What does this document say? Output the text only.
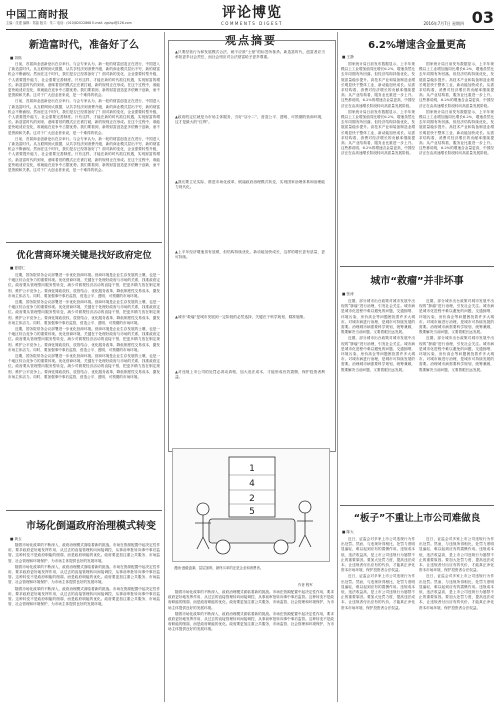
中国工商时报
主编：沈建 编辑：郑晶 版式：朱二 电话：(010)82022868 E-mail: zgshpl@126.com
评论博览
COMMENTS DIGEST	2016年7月7日 星期四 03
新造富时代，准备好了么
■ 刘烁

日前，首届商业创新论坛在京举行。与会专家认为，新一轮的财富创造正在进行，中国进入了新造富时代。从互联网到大数据，从共享经济到消费升级，新的商业模式层出不穷，新的财富机会不断涌现。然而在这个时代，我们是否已经准备好了？面对新的变化，企业需要转型升级，个人需要提升能力，社会需要完善制度。只有这样，才能在新的时代抓住机遇，实现财富的增长。新造富时代的到来，意味着旧的模式正在被打破，新的规则正在形成。在这个过程中，谁能更快地适应变化，谁就能在竞争中占据优势。我们要看到，新的财富创造更多依赖于创新，而不是资源和关系。这对于广大创业者来说，是一个难得的机会。

日前，首届商业创新论坛在京举行。与会专家认为，新一轮的财富创造正在进行，中国进入了新造富时代。从互联网到大数据，从共享经济到消费升级，新的商业模式层出不穷，新的财富机会不断涌现。然而在这个时代，我们是否已经准备好了？面对新的变化，企业需要转型升级，个人需要提升能力，社会需要完善制度。只有这样，才能在新的时代抓住机遇，实现财富的增长。新造富时代的到来，意味着旧的模式正在被打破，新的规则正在形成。在这个过程中，谁能更快地适应变化，谁就能在竞争中占据优势。我们要看到，新的财富创造更多依赖于创新，而不是资源和关系。这对于广大创业者来说，是一个难得的机会。

日前，首届商业创新论坛在京举行。与会专家认为，新一轮的财富创造正在进行，中国进入了新造富时代。从互联网到大数据，从共享经济到消费升级，新的商业模式层出不穷，新的财富机会不断涌现。然而在这个时代，我们是否已经准备好了？面对新的变化，企业需要转型升级，个人需要提升能力，社会需要完善制度。只有这样，才能在新的时代抓住机遇，实现财富的增长。新造富时代的到来，意味着旧的模式正在被打破，新的规则正在形成。在这个过程中，谁能更快地适应变化，谁就能在竞争中占据优势。我们要看到，新的财富创造更多依赖于创新，而不是资源和关系。这对于广大创业者来说，是一个难得的机会。

优化营商环境关键是找好政府定位
■ 夏德仁

近期，国务院常务会议部署进一步优化营商环境。营商环境是企业生存发展的土壤，也是一个地区综合竞争力的重要体现。优化营商环境，关键在于处理好政府与市场的关系，找准政府定位。政府要从管理型向服务型转变，减少对微观经济活动的直接干预，把更多精力放在制定规则、维护公平竞争上。要深化简政放权、放管结合、优化服务改革，降低制度性交易成本，激发市场主体活力。同时，要加强事中事后监管，营造公平、透明、可预期的市场环境。

近期，国务院常务会议部署进一步优化营商环境。营商环境是企业生存发展的土壤，也是一个地区综合竞争力的重要体现。优化营商环境，关键在于处理好政府与市场的关系，找准政府定位。政府要从管理型向服务型转变，减少对微观经济活动的直接干预，把更多精力放在制定规则、维护公平竞争上。要深化简政放权、放管结合、优化服务改革，降低制度性交易成本，激发市场主体活力。同时，要加强事中事后监管，营造公平、透明、可预期的市场环境。

近期，国务院常务会议部署进一步优化营商环境。营商环境是企业生存发展的土壤，也是一个地区综合竞争力的重要体现。优化营商环境，关键在于处理好政府与市场的关系，找准政府定位。政府要从管理型向服务型转变，减少对微观经济活动的直接干预，把更多精力放在制定规则、维护公平竞争上。要深化简政放权、放管结合、优化服务改革，降低制度性交易成本，激发市场主体活力。同时，要加强事中事后监管，营造公平、透明、可预期的市场环境。

近期，国务院常务会议部署进一步优化营商环境。营商环境是企业生存发展的土壤，也是一个地区综合竞争力的重要体现。优化营商环境，关键在于处理好政府与市场的关系，找准政府定位。政府要从管理型向服务型转变，减少对微观经济活动的直接干预，把更多精力放在制定规则、维护公平竞争上。要深化简政放权、放管结合、优化服务改革，降低制度性交易成本，激发市场主体活力。同时，要加强事中事后监管，营造公平、透明、可预期的市场环境。

市场化倒逼政府治理模式转变
■ 黄玉

随着市场化改革的不断深入，政府治理模式面临着新的挑战。市场在资源配置中起决定性作用，要求政府更好地发挥作用，从过去的直接管理转向间接调控，从事前审批转向事中事后监管。这种转变不是政府职能的削弱，而是政府职能的优化。政府要更加注重公共服务、市场监管、社会管理和环境保护，为市场主体提供良好的发展环境。

随着市场化改革的不断深入，政府治理模式面临着新的挑战。市场在资源配置中起决定性作用，要求政府更好地发挥作用，从过去的直接管理转向间接调控，从事前审批转向事中事后监管。这种转变不是政府职能的削弱，而是政府职能的优化。政府要更加注重公共服务、市场监管、社会管理和环境保护，为市场主体提供良好的发展环境。

随着市场化改革的不断深入，政府治理模式面临着新的挑战。市场在资源配置中起决定性作用，要求政府更好地发挥作用，从过去的直接管理转向间接调控，从事前审批转向事中事后监管。这种转变不是政府职能的削弱，而是政府职能的优化。政府要更加注重公共服务、市场监管、社会管理和环境保护，为市场主体提供良好的发展环境。

随着市场化改革的不断深入，政府治理模式面临着新的挑战。市场在资源配置中起决定性作用，要求政府更好地发挥作用，从过去的直接管理转向间接调控，从事前审批转向事中事后监管。这种转变不是政府职能的削弱，而是政府职能的优化。政府要更加注重公共服务、市场监管、社会管理和环境保护，为市场主体提供良好的发展环境。

随着市场化改革的不断深入，政府治理模式面临着新的挑战。市场在资源配置中起决定性作用，要求政府更好地发挥作用，从过去的直接管理转向间接调控，从事前审批转向事中事后监管。这种转变不是政府职能的削弱，而是政府职能的优化。政府要更加注重公共服务、市场监管、社会管理和环境保护，为市场主体提供良好的发展环境。

观点摘要
▲只要经营行为和发展模式合法，就不应被“土豪”的标签所抹杀。新造富时代，创富者应当承担更多社会责任，而社会则应对合法财富给予更多尊重。
▲政府的定位就是为市场主体服务，当好“店小二”，营造公平、透明、可预期的营商环境，这才是最大的“红利”。
▲我们要立足实际，推进市场化改革，倒逼政府治理模式转变，实现国家治理体系和治理能力现代化。
▲上半年经济增速虽有放缓，但结构持续优化，新动能加快成长，这样的增长更有质量、更可持续。
▲城市“救瘤”是城市发展到一定阶段的必然选择，关键在于科学规划、精准施策。
▲对违规上市公司的处罚必须动真格，加大违法成本，才能形成有效震慑，保护投资者利益。
1
4
2
5
漫画·逐级盘剥，层层加码，最终买单的还是企业和消费者。
作者 程军
6.2%增速含金量更高
■ 王静

国家统计局日前发布数据显示，上半年规模以上工业增加值同比增长6.2%，增速虽然比去年同期有所回落，但经济结构持续优化，发展质量稳步提升。高技术产业和装备制造业增长明显快于整体工业，新动能加快成长。从需求结构看，消费对经济增长的贡献率继续提高；从产业结构看，服务业比重进一步上升。这些都说明，6.2%的增速含金量更高，中国经济正在由高速增长阶段转向高质量发展阶段。

国家统计局日前发布数据显示，上半年规模以上工业增加值同比增长6.2%，增速虽然比去年同期有所回落，但经济结构持续优化，发展质量稳步提升。高技术产业和装备制造业增长明显快于整体工业，新动能加快成长。从需求结构看，消费对经济增长的贡献率继续提高；从产业结构看，服务业比重进一步上升。这些都说明，6.2%的增速含金量更高，中国经济正在由高速增长阶段转向高质量发展阶段。

国家统计局日前发布数据显示，上半年规模以上工业增加值同比增长6.2%，增速虽然比去年同期有所回落，但经济结构持续优化，发展质量稳步提升。高技术产业和装备制造业增长明显快于整体工业，新动能加快成长。从需求结构看，消费对经济增长的贡献率继续提高；从产业结构看，服务业比重进一步上升。这些都说明，6.2%的增速含金量更高，中国经济正在由高速增长阶段转向高质量发展阶段。

国家统计局日前发布数据显示，上半年规模以上工业增加值同比增长6.2%，增速虽然比去年同期有所回落，但经济结构持续优化，发展质量稳步提升。高技术产业和装备制造业增长明显快于整体工业，新动能加快成长。从需求结构看，消费对经济增长的贡献率继续提高；从产业结构看，服务业比重进一步上升。这些都说明，6.2%的增速含金量更高，中国经济正在由高速增长阶段转向高质量发展阶段。

城市“救瘤”并非坏事
■ 张涛

近期，部分城市出台政策对城市发展中出现的“肿瘤”进行治理，引发社会关注。城市病是城市化进程中难以避免的问题，交通拥堵、环境污染、房价高企等问题困扰着许多大城市。对城市病进行治理，是城市可持续发展的需要。治理城市病需要科学规划，统筹兼顾，既要解决当前问题，又要着眼长远发展。

近期，部分城市出台政策对城市发展中出现的“肿瘤”进行治理，引发社会关注。城市病是城市化进程中难以避免的问题，交通拥堵、环境污染、房价高企等问题困扰着许多大城市。对城市病进行治理，是城市可持续发展的需要。治理城市病需要科学规划，统筹兼顾，既要解决当前问题，又要着眼长远发展。

近期，部分城市出台政策对城市发展中出现的“肿瘤”进行治理，引发社会关注。城市病是城市化进程中难以避免的问题，交通拥堵、环境污染、房价高企等问题困扰着许多大城市。对城市病进行治理，是城市可持续发展的需要。治理城市病需要科学规划，统筹兼顾，既要解决当前问题，又要着眼长远发展。

近期，部分城市出台政策对城市发展中出现的“肿瘤”进行治理，引发社会关注。城市病是城市化进程中难以避免的问题，交通拥堵、环境污染、房价高企等问题困扰着许多大城市。对城市病进行治理，是城市可持续发展的需要。治理城市病需要科学规划，统筹兼顾，既要解决当前问题，又要着眼长远发展。

“板子”不重让上市公司难做良
■ 陈大

近日，证监会对多家上市公司违规行为作出处罚。然而，与违规所得相比，处罚力度明显偏轻，难以起到应有的震慑作用。违规成本低、违法收益高，是上市公司违规行为屡禁不止的重要原因。要加大处罚力度，提高违法成本，让违规者付出应有的代价，才能真正净化资本市场环境，保护投资者合法权益。

近日，证监会对多家上市公司违规行为作出处罚。然而，与违规所得相比，处罚力度明显偏轻，难以起到应有的震慑作用。违规成本低、违法收益高，是上市公司违规行为屡禁不止的重要原因。要加大处罚力度，提高违法成本，让违规者付出应有的代价，才能真正净化资本市场环境，保护投资者合法权益。

近日，证监会对多家上市公司违规行为作出处罚。然而，与违规所得相比，处罚力度明显偏轻，难以起到应有的震慑作用。违规成本低、违法收益高，是上市公司违规行为屡禁不止的重要原因。要加大处罚力度，提高违法成本，让违规者付出应有的代价，才能真正净化资本市场环境，保护投资者合法权益。

近日，证监会对多家上市公司违规行为作出处罚。然而，与违规所得相比，处罚力度明显偏轻，难以起到应有的震慑作用。违规成本低、违法收益高，是上市公司违规行为屡禁不止的重要原因。要加大处罚力度，提高违法成本，让违规者付出应有的代价，才能真正净化资本市场环境，保护投资者合法权益。
